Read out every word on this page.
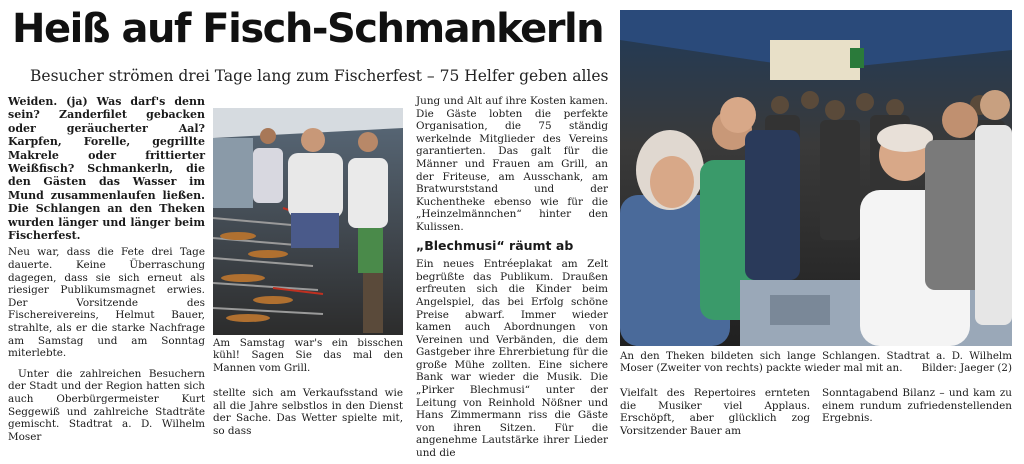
Heiß auf Fisch-Schmankerln
Besucher strömen drei Tage lang zum Fischerfest – 75 Helfer geben alles

Weiden. (ja) Was darf's denn sein? Zanderfilet gebacken oder geräucherter Aal? Karpfen, Forelle, gegrillte Makrele oder frittierter Weißfisch? Schmankerln, die den Gästen das Wasser im Mund zusammenlaufen ließen. Die Schlangen an den Theken wurden länger und länger beim Fischerfest.

Neu war, dass die Fete drei Tage dauerte. Keine Überraschung dagegen, dass sie sich erneut als riesiger Publikumsmagnet erwies. Der Vorsitzende des Fischereivereins, Helmut Bauer, strahlte, als er die starke Nachfrage am Samstag und am Sonntag miterlebte.

Unter die zahlreichen Besuchern der Stadt und der Region hatten sich auch Oberbürgermeister Kurt Seggewiß und zahlreiche Stadträte gemischt. Stadtrat a. D. Wilhelm Moser

Am Samstag war's ein bisschen kühl! Sagen Sie das mal den Mannen vom Grill.

stellte sich am Verkaufsstand wie all die Jahre selbstlos in den Dienst der Sache. Das Wetter spielte mit, so dass

Jung und Alt auf ihre Kosten kamen. Die Gäste lobten die perfekte Organisation, die 75 ständig werkelnde Mitglieder des Vereins garantierten. Das galt für die Männer und Frauen am Grill, an der Friteuse, am Ausschank, am Bratwurststand und der Kuchentheke ebenso wie für die „Heinzelmännchen“ hinter den Kulissen.

„Blechmusi“ räumt ab

Ein neues Entréeplakat am Zelt begrüßte das Publikum. Draußen erfreuten sich die Kinder beim Angelspiel, das bei Erfolg schöne Preise abwarf. Immer wieder kamen auch Abordnungen von Vereinen und Verbänden, die dem Gastgeber ihre Ehrerbietung für die große Mühe zollten. Eine sichere Bank war wieder die Musik. Die „Pirker Blechmusi“ unter der Leitung von Reinhold Nößner und Hans Zimmermann riss die Gäste von ihren Sitzen. Für die angenehme Lautstärke ihrer Lieder und die

An den Theken bildeten sich lange Schlangen. Stadtrat a. D. Wilhelm Moser (Zweiter von rechts) packte wieder mal mit an. Bilder: Jaeger (2)

Vielfalt des Repertoires ernteten die Musiker viel Applaus. Erschöpft, aber glücklich zog Vorsitzender Bauer am

Sonntagabend Bilanz – und kam zu einem rundum zufriedenstellenden Ergebnis.
